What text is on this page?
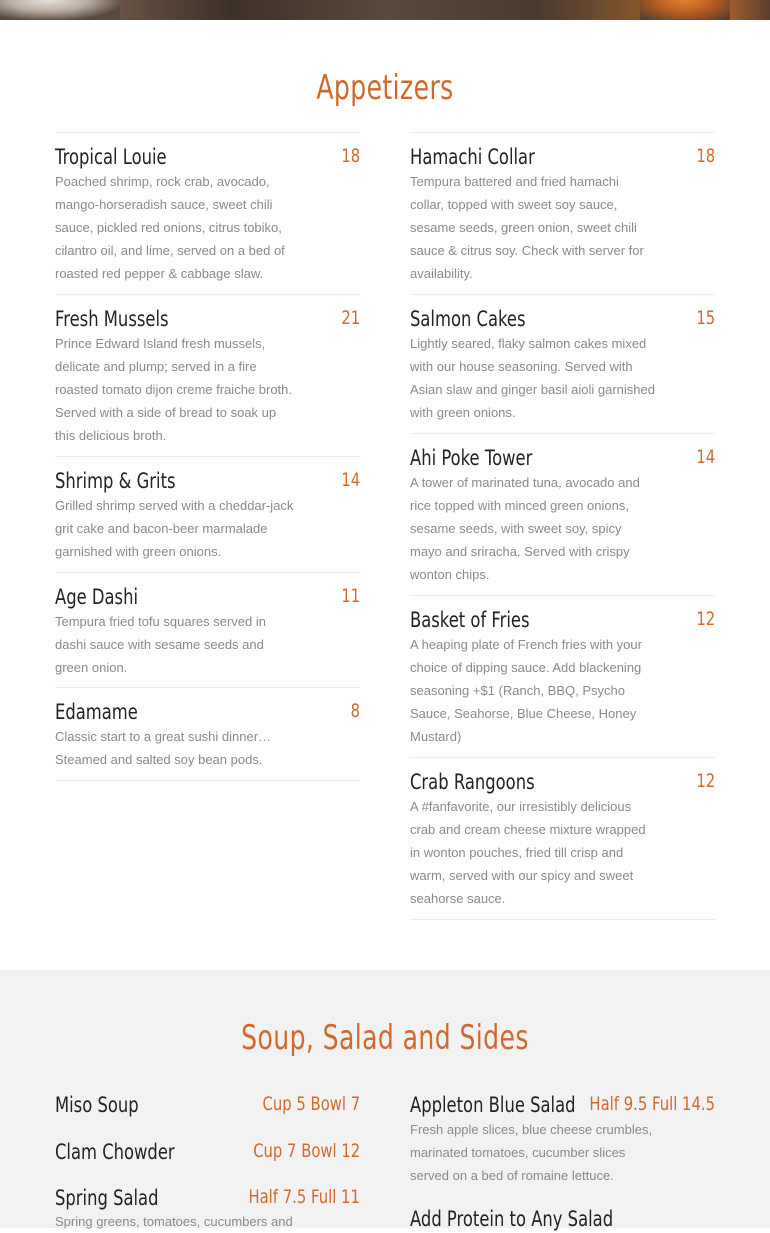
Appetizers
Tropical Louie	18
Poached shrimp, rock crab, avocado, mango-horseradish sauce, sweet chili sauce, pickled red onions, citrus tobiko, cilantro oil, and lime, served on a bed of roasted red pepper & cabbage slaw.
Fresh Mussels	21
Prince Edward Island fresh mussels, delicate and plump; served in a fire roasted tomato dijon creme fraiche broth. Served with a side of bread to soak up this delicious broth.
Shrimp & Grits	14
Grilled shrimp served with a cheddar-jack grit cake and bacon-beer marmalade garnished with green onions.
Age Dashi	11
Tempura fried tofu squares served in dashi sauce with sesame seeds and green onion.
Edamame	8
Classic start to a great sushi dinner… Steamed and salted soy bean pods.
Hamachi Collar	18
Tempura battered and fried hamachi collar, topped with sweet soy sauce, sesame seeds, green onion, sweet chili sauce & citrus soy. Check with server for availability.
Salmon Cakes	15
Lightly seared, flaky salmon cakes mixed with our house seasoning. Served with Asian slaw and ginger basil aioli garnished with green onions.
Ahi Poke Tower	14
A tower of marinated tuna, avocado and rice topped with minced green onions, sesame seeds, with sweet soy, spicy mayo and sriracha. Served with crispy wonton chips.
Basket of Fries	12
A heaping plate of French fries with your choice of dipping sauce. Add blackening seasoning +$1 (Ranch, BBQ, Psycho Sauce, Seahorse, Blue Cheese, Honey Mustard)
Crab Rangoons	12
A #fanfavorite, our irresistibly delicious crab and cream cheese mixture wrapped in wonton pouches, fried till crisp and warm, served with our spicy and sweet seahorse sauce.
Soup, Salad and Sides
Miso Soup	Cup 5 Bowl 7
Clam Chowder	Cup 7 Bowl 12
Spring Salad	Half 7.5 Full 11
Spring greens, tomatoes, cucumbers and
Appleton Blue Salad Half 9.5 Full 14.5
Fresh apple slices, blue cheese crumbles, marinated tomatoes, cucumber slices served on a bed of romaine lettuce.
Add Protein to Any Salad
